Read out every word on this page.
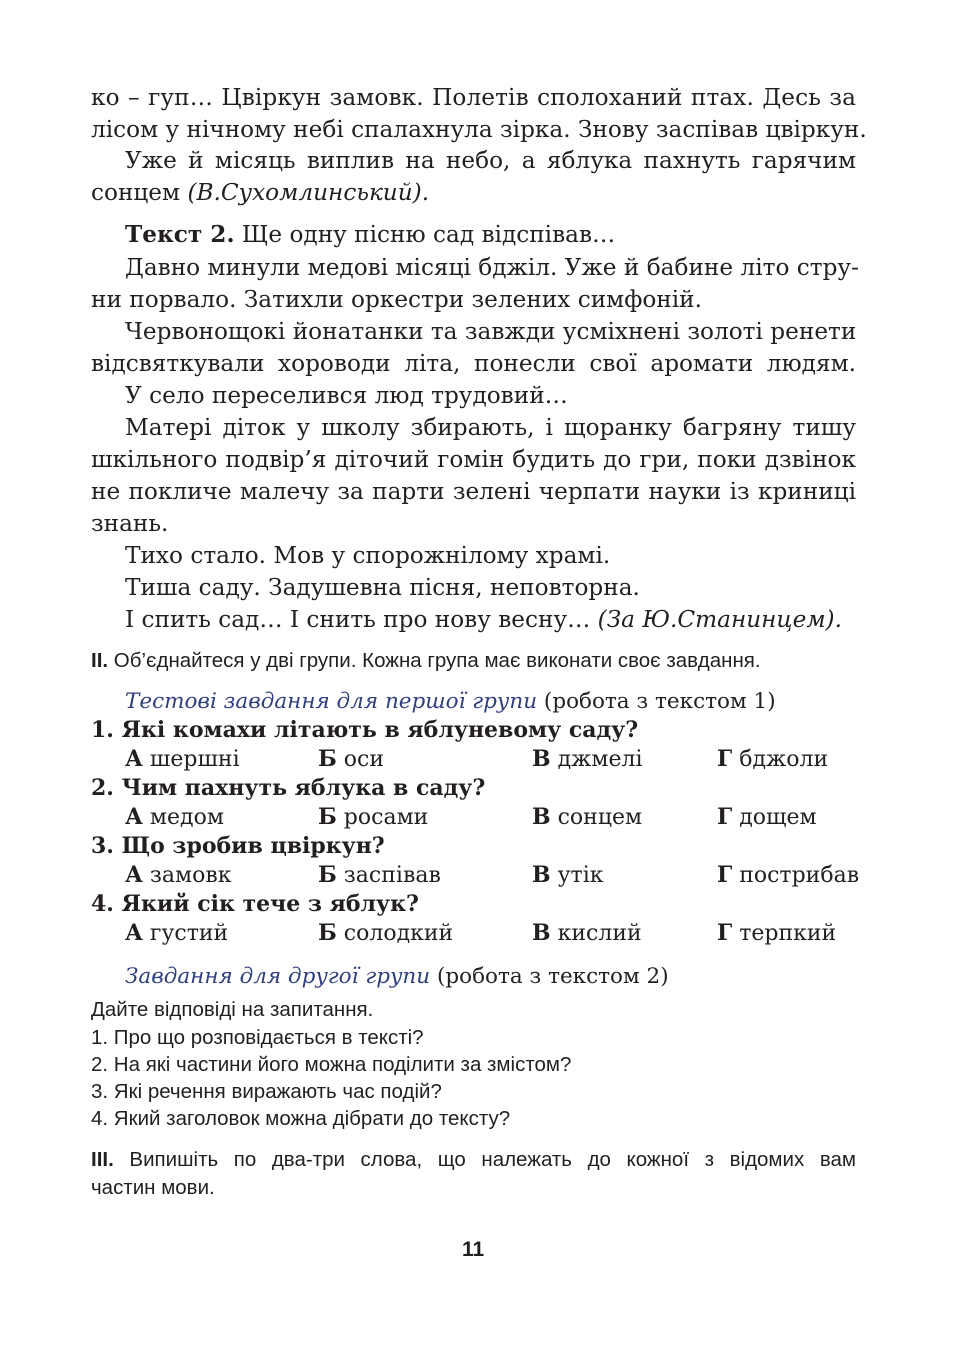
ко – гуп… Цвіркун замовк. Полетів сполоханий птах. Десь за
лісом у нічному небі спалахнула зірка. Знову заспівав цвіркун.
Уже й місяць виплив на небо, а яблука пахнуть гарячим
сонцем (В.Сухомлинський).
Текст 2. Ще одну пісню сад відспівав…
Давно минули медові місяці бджіл. Уже й бабине літо стру-
ни порвало. Затихли оркестри зелених симфоній.
Червонощокі йонатанки та завжди усміхнені золоті ренети
відсвяткували хороводи літа, понесли свої аромати людям.
У село переселився люд трудовий…
Матері діток у школу збирають, і щоранку багряну тишу
шкільного подвір’я діточий гомін будить до гри, поки дзвінок
не покличе малечу за парти зелені черпати науки із криниці
знань.
Тихо стало. Мов у спорожнілому храмі.
Тиша саду. Задушевна пісня, неповторна.
І спить сад… І снить про нову весну… (За Ю.Станинцем).
II. Об’єднайтеся у дві групи. Кожна група має виконати своє завдання.
Тестові завдання для першої групи (робота з текстом 1)
1. Які комахи літають в яблуневому саду?
А шершні	Б оси	В джмелі	Г бджоли
2. Чим пахнуть яблука в саду?
А медом	Б росами	В сонцем	Г дощем
3. Що зробив цвіркун?
А замовк	Б заспівав	В утік	Г пострибав
4. Який сік тече з яблук?
А густий	Б солодкий	В кислий	Г терпкий
Завдання для другої групи (робота з текстом 2)
Дайте відповіді на запитання.
1. Про що розповідається в тексті?
2. На які частини його можна поділити за змістом?
3. Які речення виражають час подій?
4. Який заголовок можна дібрати до тексту?
III. Випишіть по два-три слова, що належать до кожної з відомих вам
частин мови.
11
